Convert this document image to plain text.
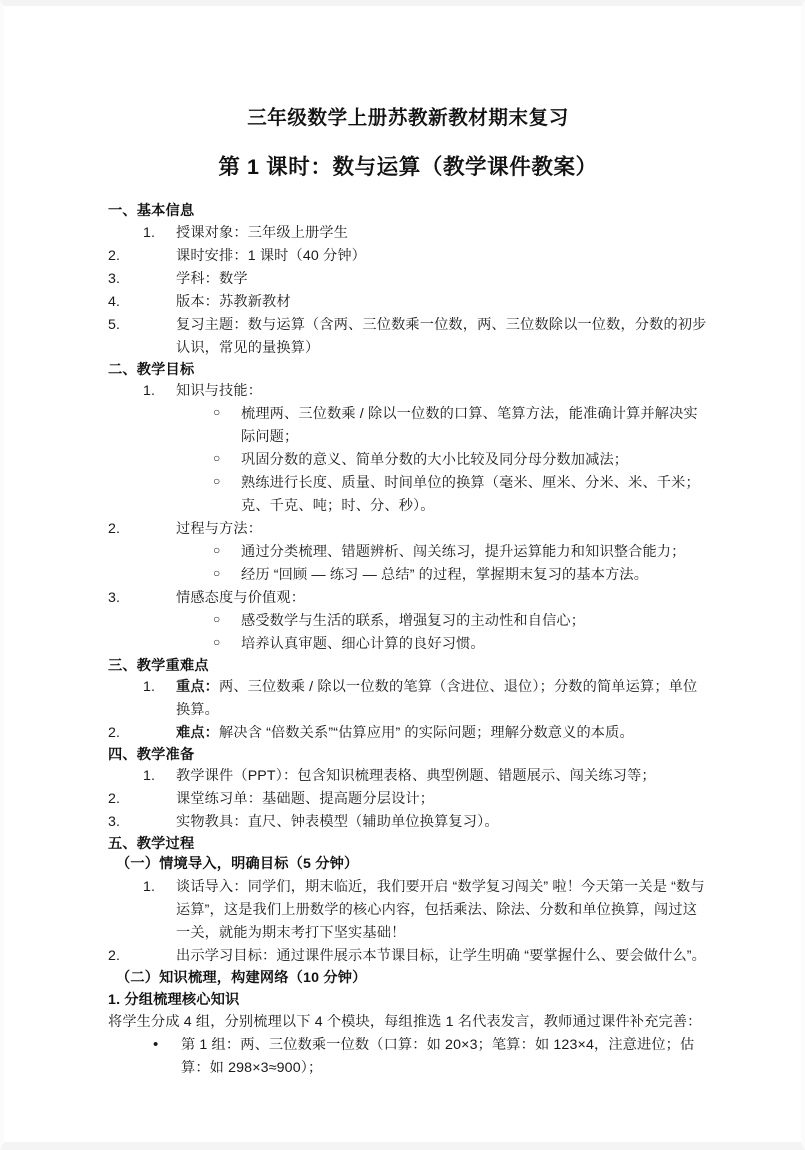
三年级数学上册苏教新教材期末复习
第 1 课时：数与运算（教学课件教案）
一、基本信息
1.	授课对象：三年级上册学生
2.	课时安排：1 课时（40 分钟）
3.	学科：数学
4.	版本：苏教新教材
5.	复习主题：数与运算（含两、三位数乘一位数，两、三位数除以一位数，分数的初步认识，常见的量换算）
二、教学目标
1.	知识与技能：
○ 梳理两、三位数乘 / 除以一位数的口算、笔算方法，能准确计算并解决实际问题；
○ 巩固分数的意义、简单分数的大小比较及同分母分数加减法；
○ 熟练进行长度、质量、时间单位的换算（毫米、厘米、分米、米、千米；克、千克、吨；时、分、秒）。
2.	过程与方法：
○ 通过分类梳理、错题辨析、闯关练习，提升运算能力和知识整合能力；
○ 经历 “回顾 — 练习 — 总结” 的过程，掌握期末复习的基本方法。
3.	情感态度与价值观：
○ 感受数学与生活的联系，增强复习的主动性和自信心；
○ 培养认真审题、细心计算的良好习惯。
三、教学重难点
1.	重点：两、三位数乘 / 除以一位数的笔算（含进位、退位）；分数的简单运算；单位换算。
2.	难点：解决含 “倍数关系”“估算应用” 的实际问题；理解分数意义的本质。
四、教学准备
1.	教学课件（PPT）：包含知识梳理表格、典型例题、错题展示、闯关练习等；
2.	课堂练习单：基础题、提高题分层设计；
3.	实物教具：直尺、钟表模型（辅助单位换算复习）。
五、教学过程
（一）情境导入，明确目标（5 分钟）
1.	谈话导入：同学们，期末临近，我们要开启 “数学复习闯关” 啦！今天第一关是 “数与运算”，这是我们上册数学的核心内容，包括乘法、除法、分数和单位换算，闯过这一关，就能为期末考打下坚实基础！
2.	出示学习目标：通过课件展示本节课目标，让学生明确 “要掌握什么、要会做什么”。
（二）知识梳理，构建网络（10 分钟）
1. 分组梳理核心知识
将学生分成 4 组，分别梳理以下 4 个模块，每组推选 1 名代表发言，教师通过课件补充完善：
• 第 1 组：两、三位数乘一位数（口算：如 20×3；笔算：如 123×4，注意进位；估算：如 298×3≈900）；
